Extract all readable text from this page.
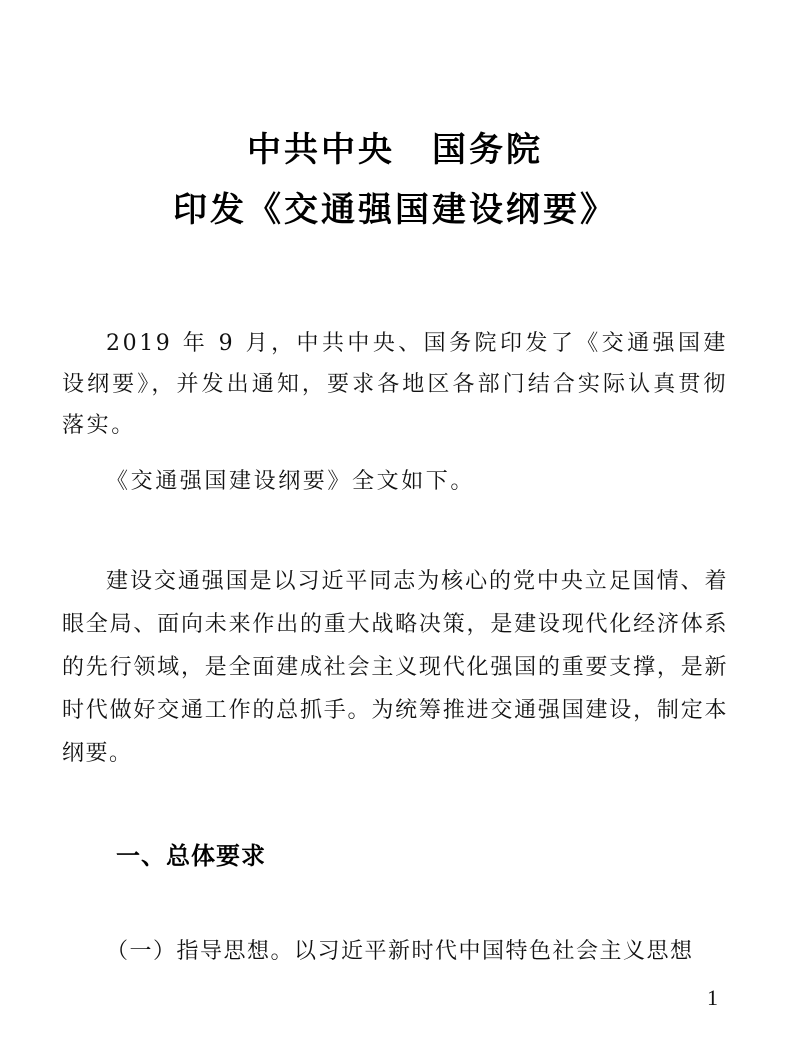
中共中央　国务院
印发《交通强国建设纲要》

2019 年 9 月，中共中央、国务院印发了《交通强国建设纲要》，并发出通知，要求各地区各部门结合实际认真贯彻落实。

《交通强国建设纲要》全文如下。

建设交通强国是以习近平同志为核心的党中央立足国情、着眼全局、面向未来作出的重大战略决策，是建设现代化经济体系的先行领域，是全面建成社会主义现代化强国的重要支撑，是新时代做好交通工作的总抓手。为统筹推进交通强国建设，制定本纲要。

一、总体要求

（一）指导思想。以习近平新时代中国特色社会主义思想

1
